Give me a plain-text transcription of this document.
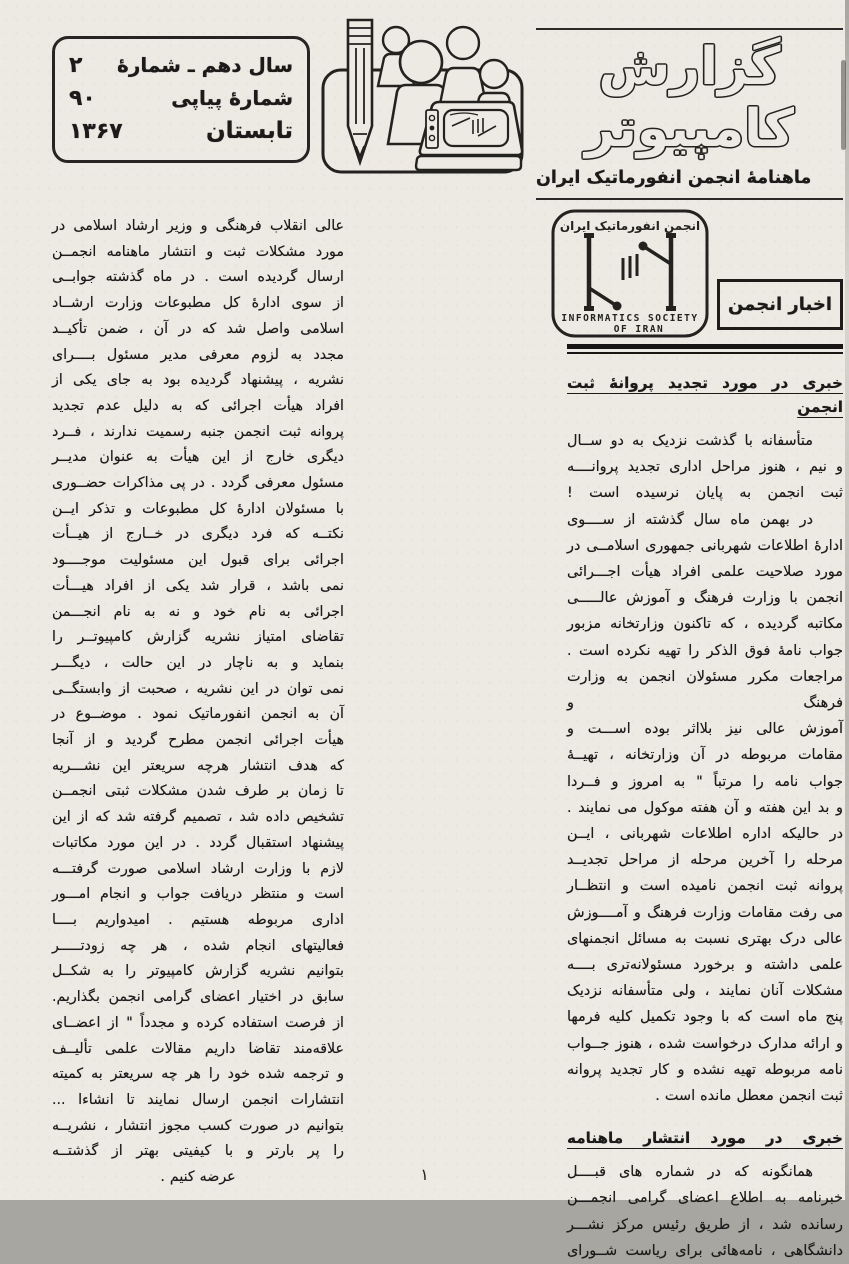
گزارش کامپیوتر
ماهنامهٔ انجمن انفورماتیک ایران
سال دهم ـ شمارهٔ
۲
شمارهٔ پیاپی
۹۰
تابستان
۱۳۶۷
اخبار انجمن
انجمن انفورماتیک ایران
INFORMATICS SOCIETY
OF IRAN
خبری در مورد تجدید پروانهٔ ثبت انجمن
متأسفانه با گذشت نزدیک به دو ســال
و نیم ، هنوز مراحل اداری تجدید پروانــــه
ثبت انجمن به پایان نرسیده است !
در بهمن ماه سال گذشته از ســــوی
ادارهٔ اطلاعات شهربانی جمهوری اسلامــی در
مورد صلاحیت علمی افراد هیأت اجـــرائی
انجمن با وزارت فرهنگ و آموزش عالـــــی
مکاتبه گردیده ، که تاکنون وزارتخانه مزبور
جواب نامهٔ فوق الذکر را تهیه نکرده است .
مراجعات مکرر مسئولان انجمن به وزارت فرهنگ و
آموزش عالی نیز بلااثر بوده اســـت و
مقامات مربوطه در آن وزارتخانه ، تهیــهٔ
جواب نامه را مرتباً " به امروز و فــردا
و بد این هفته و آن هفته موکول می نمایند .
در حالیکه اداره اطلاعات شهربانی ، ایــن
مرحله را آخرین مرحله از مراحل تجدیــد
پروانه ثبت انجمن نامیده است و انتظــار
می رفت مقامات وزارت فرهنگ و آمــــوزش
عالی درک بهتری نسبت به مسائل انجمنهای
علمی داشته و برخورد مسئولانه‌تری بــــه
مشکلات آنان نمایند ، ولی متأسفانه نزدیک
پنج ماه است که با وجود تکمیل کلیه فرمها
و ارائه مدارک درخواست شده ، هنوز جــواب
نامه مربوطه تهیه نشده و کار تجدید پروانه
ثبت انجمن معطل مانده است .
خبری در مورد انتشار ماهنامه
همانگونه که در شماره های قبــــل
خبرنامه به اطلاع اعضای گرامی انجمـــن
رسانده شد ، از طریق رئیس مرکز نشـــر
دانشگاهی ، نامه‌هائی برای ریاست شــورای
عالی انقلاب فرهنگی و وزیر ارشاد اسلامی در
مورد مشکلات ثبت و انتشار ماهنامه انجمــن
ارسال گردیده است . در ماه گذشته جوابــی
از سوی ادارهٔ کل مطبوعات وزارت ارشــاد
اسلامی واصل شد که در آن ، ضمن تأکیــد
مجدد به لزوم معرفی مدیر مسئول بــــرای
نشریه ، پیشنهاد گردیده بود به جای یکی از
افراد هیأت اجرائی که به دلیل عدم تجدید
پروانه ثبت انجمن جنبه رسمیت ندارند ، فــرد
دیگری خارج از این هیأت به عنوان مدیــر
مسئول معرفی گردد . در پی مذاکرات حضــوری
با مسئولان ادارهٔ کل مطبوعات و تذکر ایــن
نکتــه که فرد دیگری در خــارج از هیــأت
اجرائی برای قبول این مسئولیت موجــــود
نمی باشد ، قرار شد یکی از افراد هیـــأت
اجرائی به نام خود و نه به نام انجـــمن
تقاضای امتیاز نشریه گزارش کامپیوتــر را
بنماید و به ناچار در این حالت ، دیگـــر
نمی توان در این نشریه ، صحبت از وابستگــی
آن به انجمن انفورماتیک نمود . موضــوع در
هیأت اجرائی انجمن مطرح گردید و از آنجا
که هدف انتشار هرچه سریعتر این نشـــریه
تا زمان بر طرف شدن مشکلات ثبتی انجمــن
تشخیص داده شد ، تصمیم گرفته شد که از این
پیشنهاد استقبال گردد . در این مورد مکاتبات
لازم با وزارت ارشاد اسلامی صورت گرفتـــه
است و منتظر دریافت جواب و انجام امـــور
اداری مربوطه هستیم . امیدواریم بــــا
فعالیتهای انجام شده ، هر چه زودتـــــر
بتوانیم نشریه گزارش کامپیوتر را به شکــل
سابق در اختیار اعضای گرامی انجمن بگذاریم.
از فرصت استفاده کرده و مجدداً " از اعضــای
علاقه‌مند تقاضا داریم مقالات علمی تألیــف
و ترجمه شده خود را هر چه سریعتر به کمیته
انتشارات انجمن ارسال نمایند تا انشاءا ...
بتوانیم در صورت کسب مجوز انتشار ، نشریــه
را پر بارتر و با کیفیتی بهتر از گذشتــه
عرضه کنیم .	۱
